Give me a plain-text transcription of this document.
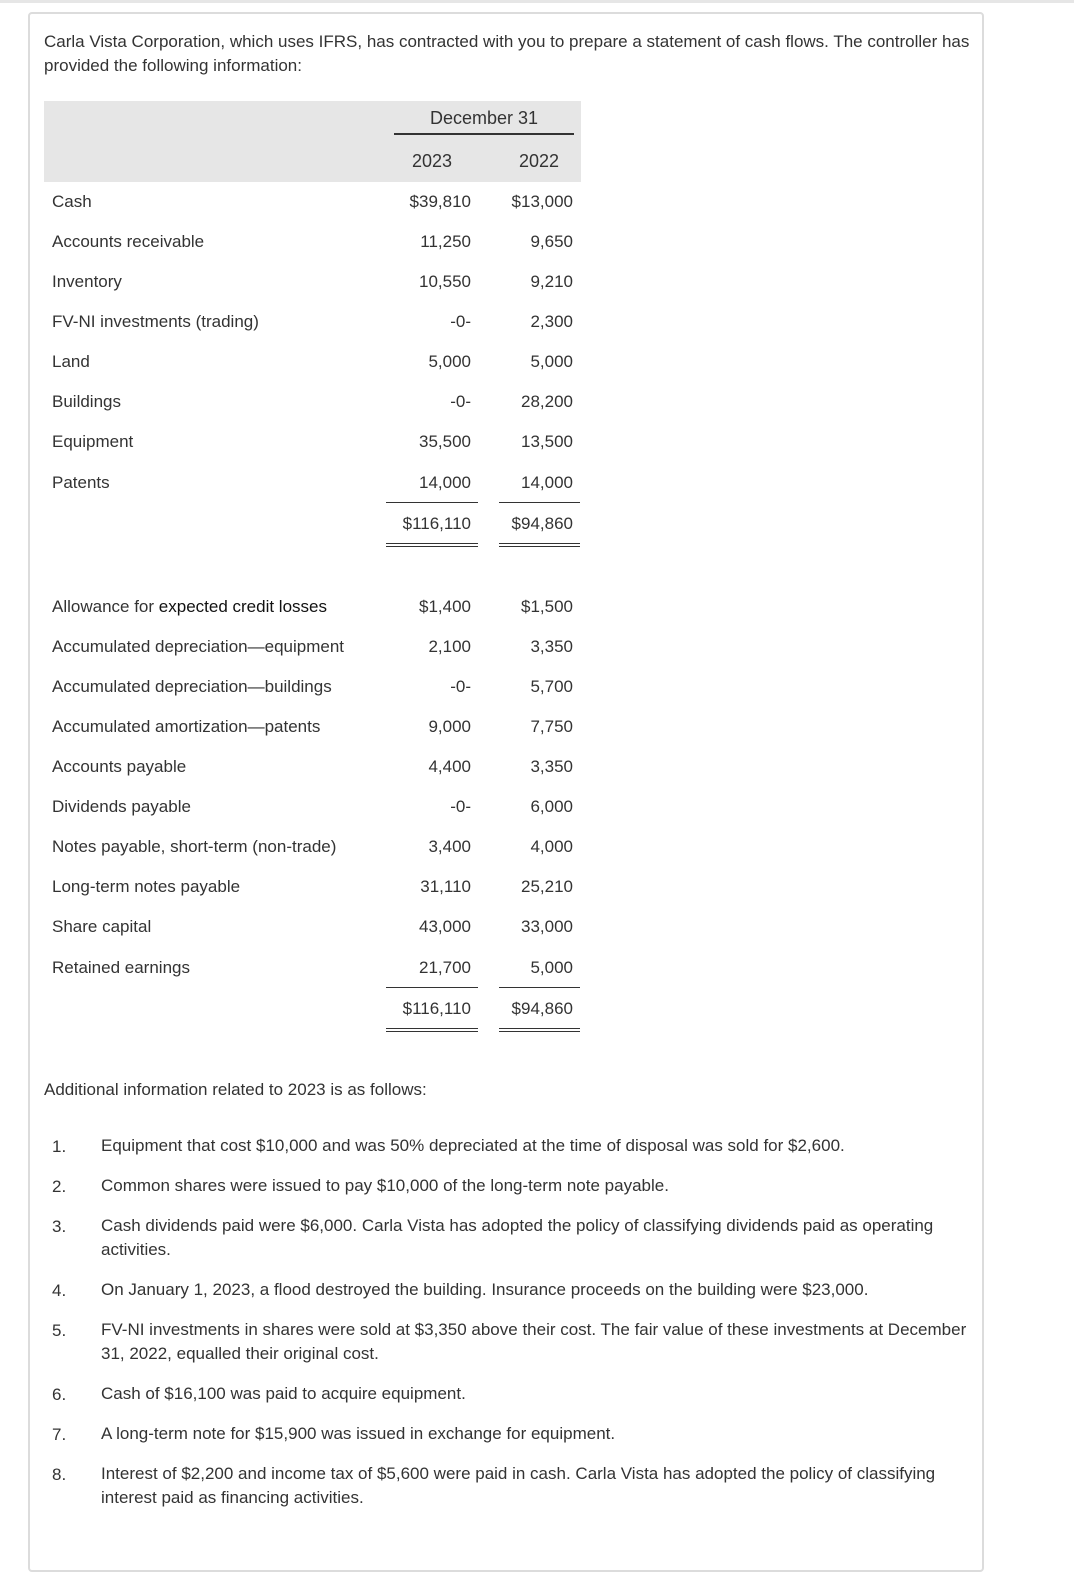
Carla Vista Corporation, which uses IFRS, has contracted with you to prepare a statement of cash flows. The controller has provided the following information:
December 31
2023	2022
Cash	$39,810	$13,000
Accounts receivable	11,250	9,650
Inventory	10,550	9,210
FV-NI investments (trading)	-0-	2,300
Land	5,000	5,000
Buildings	-0-	28,200
Equipment	35,500	13,500
Patents	14,000	14,000
$116,110	$94,860
Allowance for expected credit losses	$1,400	$1,500
Accumulated depreciation—equipment	2,100	3,350
Accumulated depreciation—buildings	-0-	5,700
Accumulated amortization—patents	9,000	7,750
Accounts payable	4,400	3,350
Dividends payable	-0-	6,000
Notes payable, short-term (non-trade)	3,400	4,000
Long-term notes payable	31,110	25,210
Share capital	43,000	33,000
Retained earnings	21,700	5,000
$116,110	$94,860
Additional information related to 2023 is as follows:
1. Equipment that cost $10,000 and was 50% depreciated at the time of disposal was sold for $2,600.
2. Common shares were issued to pay $10,000 of the long-term note payable.
3. Cash dividends paid were $6,000. Carla Vista has adopted the policy of classifying dividends paid as operating activities.
4. On January 1, 2023, a flood destroyed the building. Insurance proceeds on the building were $23,000.
5. FV-NI investments in shares were sold at $3,350 above their cost. The fair value of these investments at December 31, 2022, equalled their original cost.
6. Cash of $16,100 was paid to acquire equipment.
7. A long-term note for $15,900 was issued in exchange for equipment.
8. Interest of $2,200 and income tax of $5,600 were paid in cash. Carla Vista has adopted the policy of classifying interest paid as financing activities.
